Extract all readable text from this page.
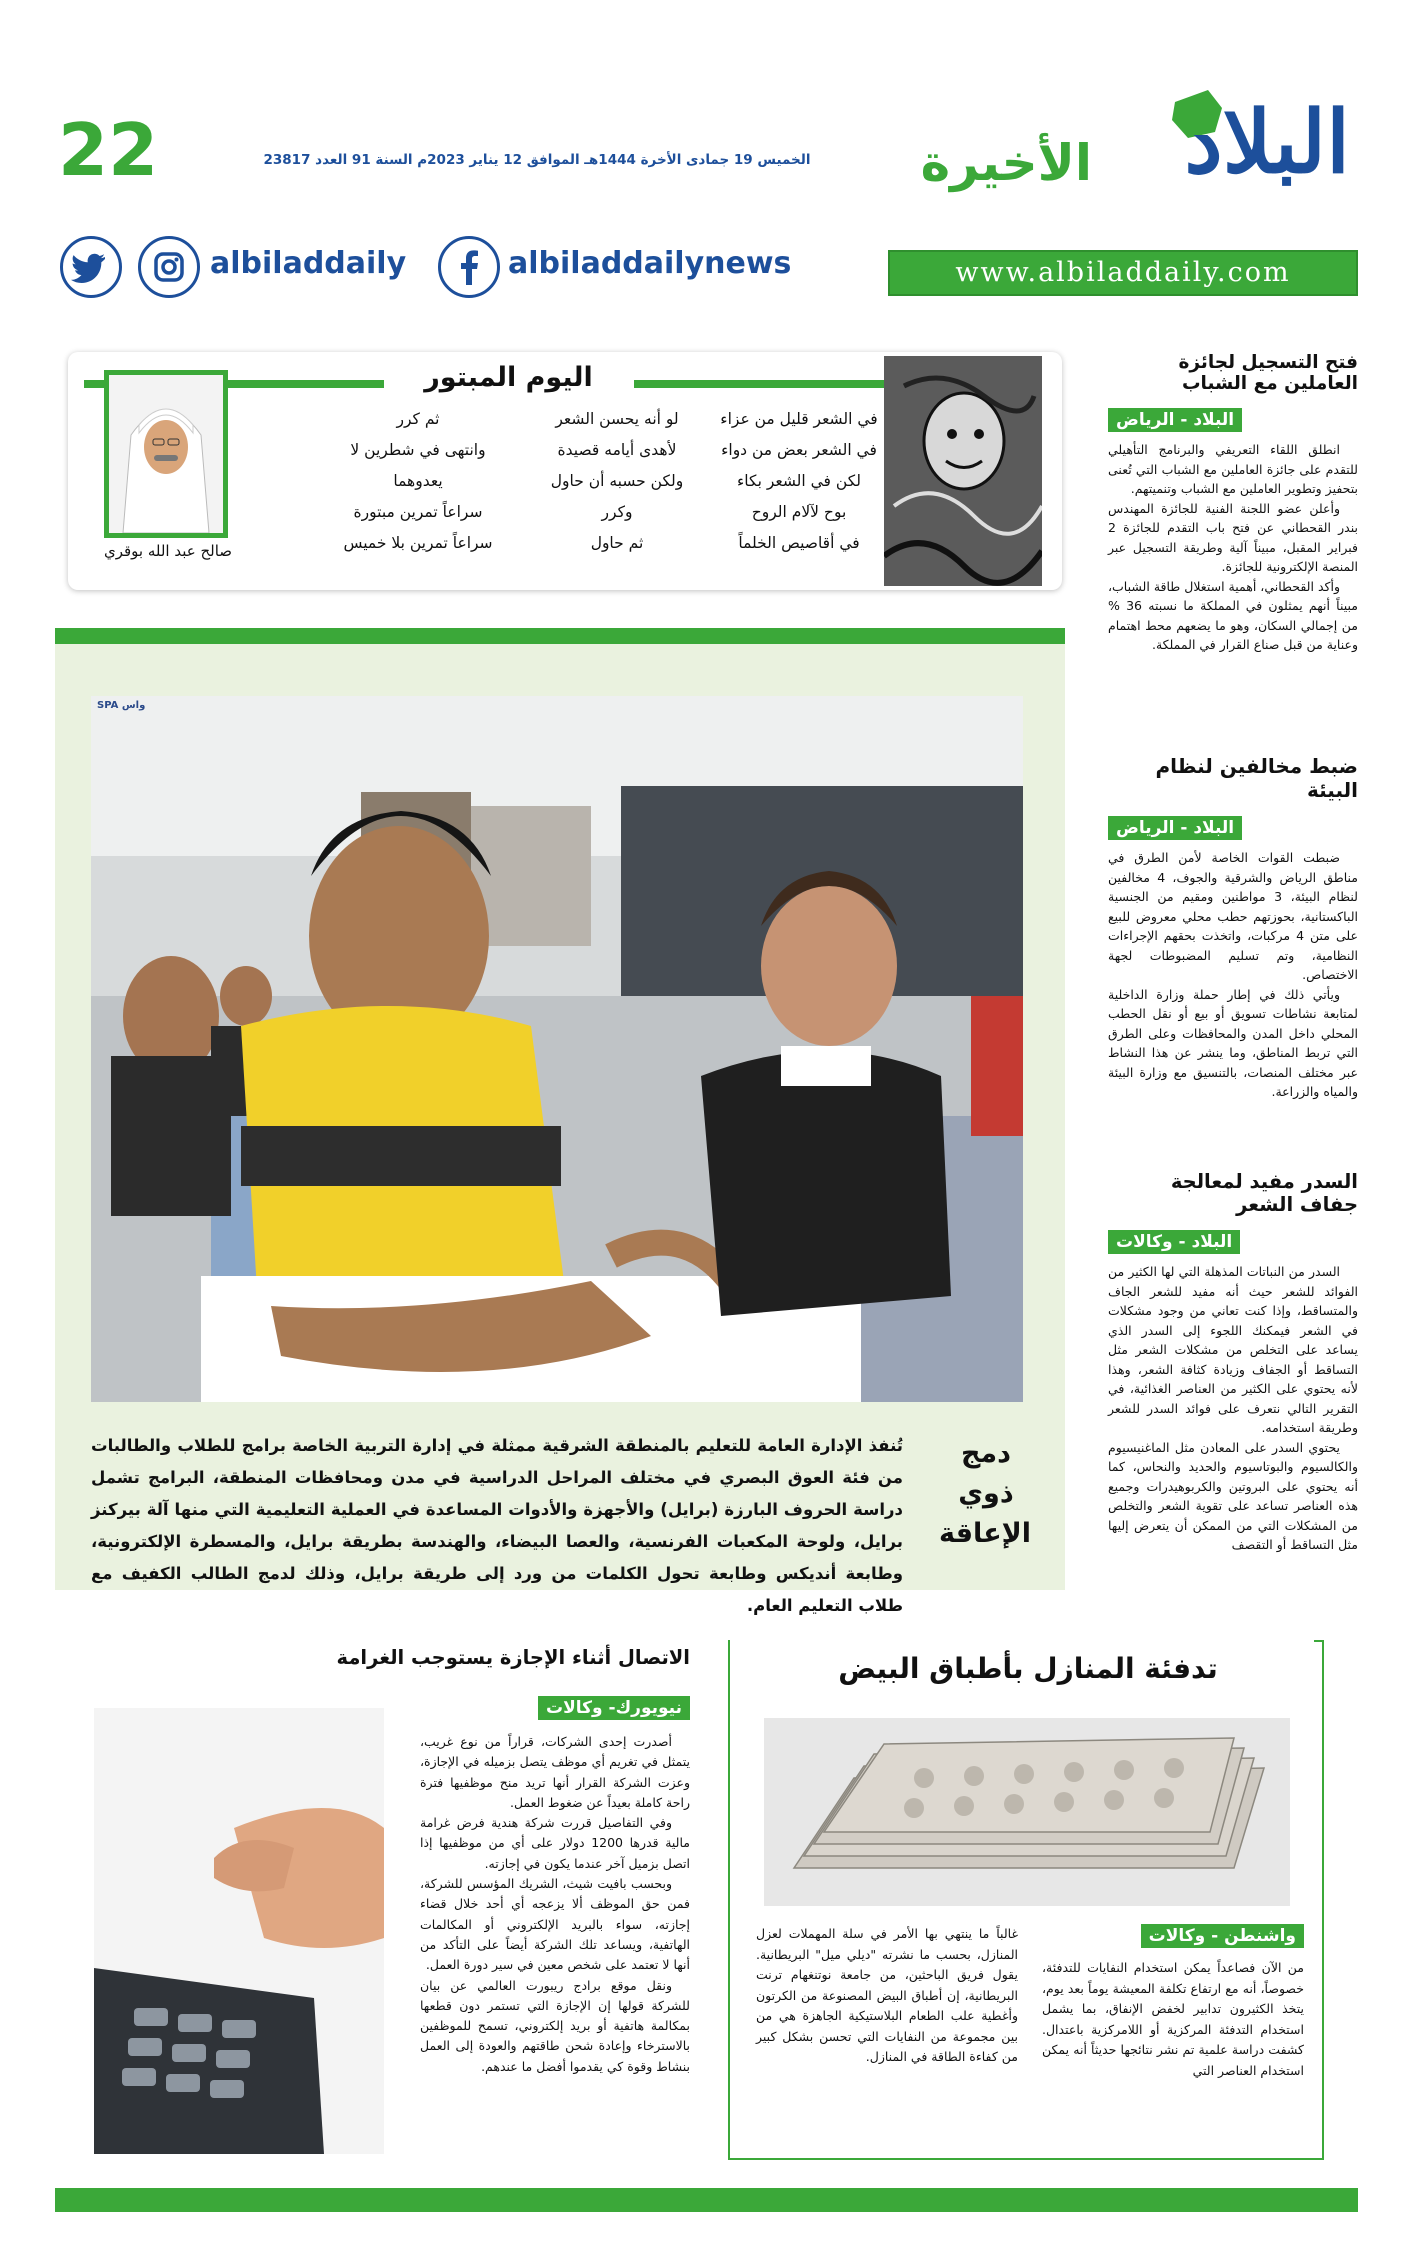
البلاد
الأخيرة
الخميس 19 جمادى الأخرة 1444هـ الموافق 12 يناير 2023م السنة 91 العدد 23817
22
www.albiladdaily.com
albiladdaily	albiladdailynews
اليوم المبتور
في الشعر قليل من عزاء
في الشعر بعض من دواء
لكن في الشعر بكاء
بوح لآلام الروح
في أقاصيص الخلماً
لو أنه يحسن الشعر
لأهدى أيامه قصيدة
ولكن حسبه أن حاول
وكرر
ثم حاول
ثم كرر
وانتهى في شطرين لا
يعدوهما
سراعاً تمرين مبتورة
سراعاً تمرين بلا خميس
صالح عبد الله بوقري
فتح التسجيل لجائزة العاملين مع الشباب
البلاد - الرياض

انطلق اللقاء التعريفي والبرنامج التأهيلي للتقدم على جائزة العاملين مع الشباب التي تُعنى بتحفيز وتطوير العاملين مع الشباب وتنميتهم.

وأعلن عضو اللجنة الفنية للجائزة المهندس بندر القحطاني عن فتح باب التقدم للجائزة 2 فبراير المقبل، مبيناً آلية وطريقة التسجيل عبر المنصة الإلكترونية للجائزة.

وأكد القحطاني، أهمية استغلال طاقة الشباب، مبيناً أنهم يمثلون في المملكة ما نسبته 36 % من إجمالي السكان، وهو ما يضعهم محط اهتمام وعناية من قبل صناع القرار في المملكة.

ضبط مخالفين لنظام البيئة
البلاد - الرياض

ضبطت القوات الخاصة لأمن الطرق في مناطق الرياض والشرقية والجوف، 4 مخالفين لنظام البيئة، 3 مواطنين ومقيم من الجنسية الباكستانية، بحوزتهم حطب محلي معروض للبيع على متن 4 مركبات، واتخذت بحقهم الإجراءات النظامية، وتم تسليم المضبوطات لجهة الاختصاص.

ويأتي ذلك في إطار حملة وزارة الداخلية لمتابعة نشاطات تسويق أو بيع أو نقل الحطب المحلي داخل المدن والمحافظات وعلى الطرق التي تربط المناطق، وما ينشر عن هذا النشاط عبر مختلف المنصات، بالتنسيق مع وزارة البيئة والمياه والزراعة.

السدر مفيد لمعالجة جفاف الشعر
البلاد - وكالات

السدر من النباتات المذهلة التي لها الكثير من الفوائد للشعر حيث أنه مفيد للشعر الجاف والمتساقط، وإذا كنت تعاني من وجود مشكلات في الشعر فيمكنك اللجوء إلى السدر الذي يساعد على التخلص من مشكلات الشعر مثل التساقط أو الجفاف وزيادة كثافة الشعر، وهذا لأنه يحتوي على الكثير من العناصر الغذائية، في التقرير التالي نتعرف على فوائد السدر للشعر وطريقة استخدامه.

يحتوي السدر على المعادن مثل الماغنيسيوم والكالسيوم والبوتاسيوم والحديد والنحاس، كما أنه يحتوي على البروتين والكربوهيدرات وجميع هذه العناصر تساعد على تقوية الشعر والتخلص من المشكلات التي من الممكن أن يتعرض إليها مثل التساقط أو التقصف

واس SPA
دمج ذوي الإعاقة
تُنفذ الإدارة العامة للتعليم بالمنطقة الشرقية ممثلة في إدارة التربية الخاصة برامج للطلاب والطالبات من فئة العوق البصري في مختلف المراحل الدراسية في مدن ومحافظات المنطقة، البرامج تشمل دراسة الحروف البارزة (برايل) والأجهزة والأدوات المساعدة في العملية التعليمية التي منها آلة بيركنز برايل، ولوحة المكعبات الفرنسية، والعصا البيضاء، والهندسة بطريقة برايل، والمسطرة الإلكترونية، وطابعة أنديكس وطابعة تحول الكلمات من ورد إلى طريقة برايل، وذلك لدمج الطالب الكفيف مع طلاب التعليم العام.
تدفئة المنازل بأطباق البيض
واشنطن - وكالات
من الآن فصاعداً يمكن استخدام النفايات للتدفئة، خصوصاً، أنه مع ارتفاع تكلفة المعيشة يوماً بعد يوم، يتخذ الكثيرون تدابير لخفض الإنفاق، بما يشمل استخدام التدفئة المركزية أو اللامركزية باعتدال. كشفت دراسة علمية تم نشر نتائجها حديثاً أنه يمكن استخدام العناصر التي
غالباً ما ينتهي بها الأمر في سلة المهملات لعزل المنازل، بحسب ما نشرته "ديلي ميل" البريطانية. يقول فريق الباحثين، من جامعة نوتنغهام ترنت البريطانية، إن أطباق البيض المصنوعة من الكرتون وأغطية علب الطعام البلاستيكية الجاهزة هي من بين مجموعة من النفايات التي تحسن بشكل كبير من كفاءة الطاقة في المنازل.
الاتصال أثناء الإجازة يستوجب الغرامة
نيويورك- وكالات

أصدرت إحدى الشركات، قراراً من نوع غريب، يتمثل في تغريم أي موظف يتصل بزميله في الإجازة، وعزت الشركة القرار أنها تريد منح موظفيها فترة راحة كاملة بعيداً عن ضغوط العمل.

وفي التفاصيل قررت شركة هندية فرض غرامة مالية قدرها 1200 دولار على أي من موظفيها إذا اتصل بزميل آخر عندما يكون في إجازته.

وبحسب بافيت شيث، الشريك المؤسس للشركة، فمن حق الموظف ألا يزعجه أي أحد خلال قضاء إجازته، سواء بالبريد الإلكتروني أو المكالمات الهاتفية، ويساعد تلك الشركة أيضاً على التأكد من أنها لا تعتمد على شخص معين في سير دورة العمل.

ونقل موقع برادج ريبورت العالمي عن بيان للشركة قولها إن الإجازة التي تستمر دون قطعها بمكالمة هاتفية أو بريد إلكتروني، تسمح للموظفين بالاسترخاء وإعادة شحن طاقتهم والعودة إلى العمل بنشاط وقوة كي يقدموا أفضل ما عندهم.
